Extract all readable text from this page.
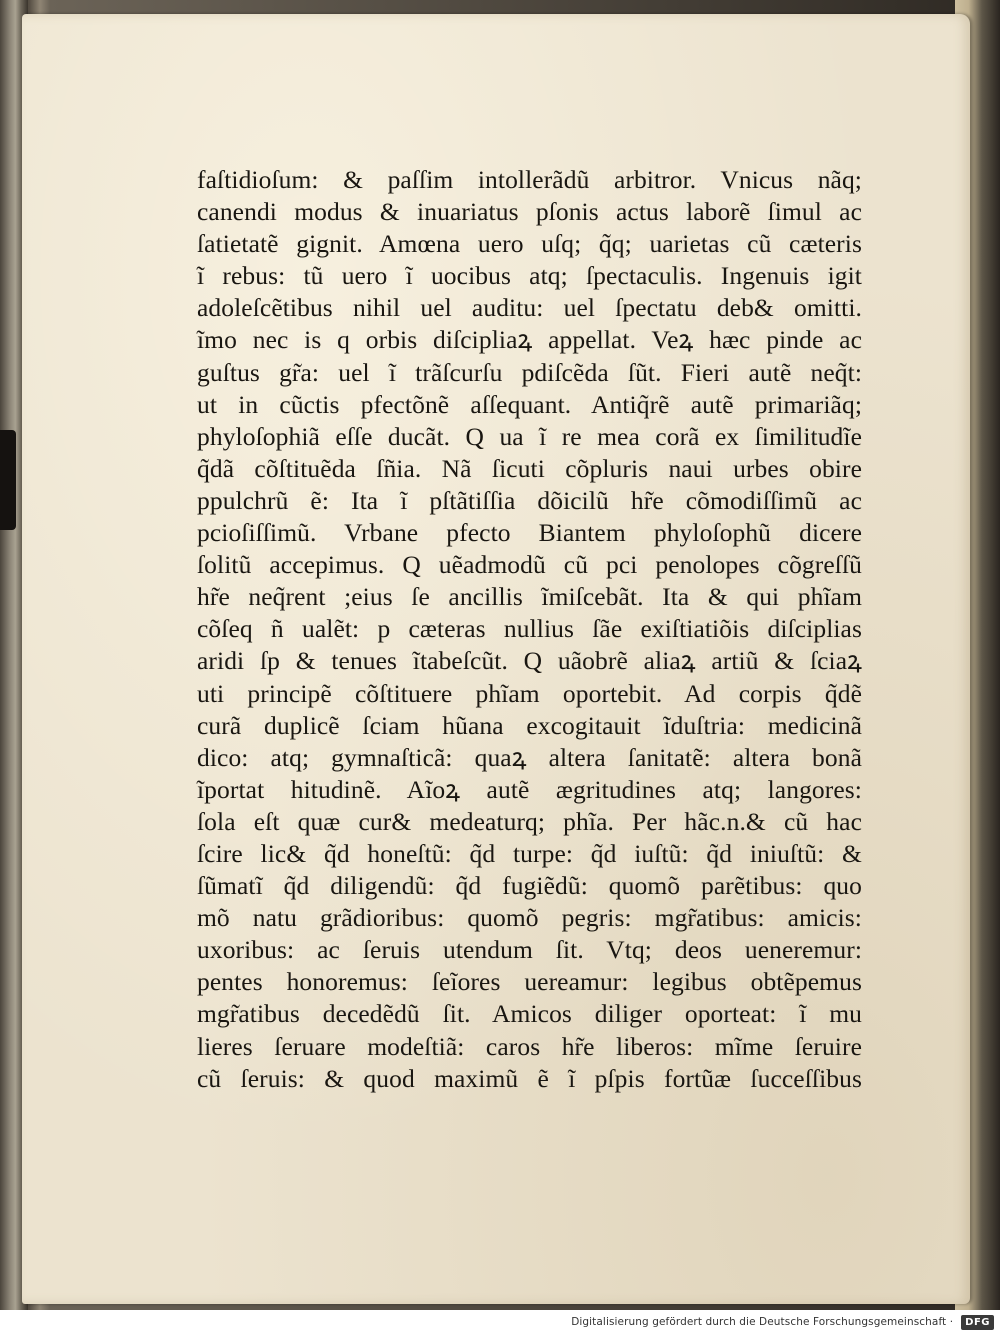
faſtidioſum: & paſſim intollerãdũ arbitror. Vnicus nãq;
canendi modus & inuariatus pſonis actus laborẽ ſimul ac
ſatietatẽ gignit. Amœna uero uſq; q̃q; uarietas cũ cæteris
ĩ rebus: tũ uero ĩ uocibus atq; ſpectaculis. Ingenuis igit
adoleſcẽtibus nihil uel auditu: uel ſpectatu deb& omitti.
ĩmo nec is q orbis diſcipliaꝝ appellat. Veꝝ hæc pinde ac
guſtus gr̃a: uel ĩ trãſcurſu pdiſcẽda ſũt. Fieri autẽ neq̃t:
ut in cũctis pfectõnẽ aſſequant. Antiq̃rẽ autẽ primariãq;
phyloſophiã eſſe ducãt. Q ua ĩ re mea corã ex ſimilitudĩe
q̃dã cõſtituẽda ſñia. Nã ſicuti cõpluris naui urbes obire
ppulchrũ ẽ: Ita ĩ pſtãtiſſia dõicilũ hr̃e cõmodiſſimũ ac
pcioſiſſimũ. Vrbane pfecto Biantem phyloſophũ dicere
ſolitũ accepimus. Q uẽadmodũ cũ pci penolopes cõgreſſũ
hr̃e neq̃rent ;eius ſe ancillis ĩmiſcebãt. Ita & qui phĩam
cõſeq ñ ualẽt: p cæteras nullius ſãe exiſtiatiõis diſciplias
aridi ſp & tenues ĩtabeſcũt. Q uãobrẽ aliaꝝ artiũ & ſciaꝝ
uti principẽ cõſtituere phĩam oportebit. Ad corpis q̃dẽ
curã duplicẽ ſciam hũana excogitauit ĩduſtria: medicinã
dico: atq; gymnaſticã: quaꝝ altera ſanitatẽ: altera bonã
ĩportat hitudinẽ. Aĩoꝝ autẽ ægritudines atq; langores:
ſola eſt quæ cur& medeaturq; phĩa. Per hãc.n.& cũ hac
ſcire lic& q̃d honeſtũ: q̃d turpe: q̃d iuſtũ: q̃d iniuſtũ: &
ſũmatĩ q̃d diligendũ: q̃d fugiẽdũ: quomõ parẽtibus: quo
mõ natu grãdioribus: quomõ pegris: mgr̃atibus: amicis:
uxoribus: ac ſeruis utendum ſit. Vtq; deos ueneremur:
pentes honoremus: ſeĩores uereamur: legibus obtẽpemus
mgr̃atibus decedẽdũ ſit. Amicos diliger oporteat: ĩ mu
lieres ſeruare modeſtiã: caros hr̃e liberos: mĩme ſeruire
cũ ſeruis: & quod maximũ ẽ ĩ pſpis fortũæ ſucceſſibus
Digitalisierung gefördert durch die Deutsche Forschungsgemeinschaft ·	DFG
